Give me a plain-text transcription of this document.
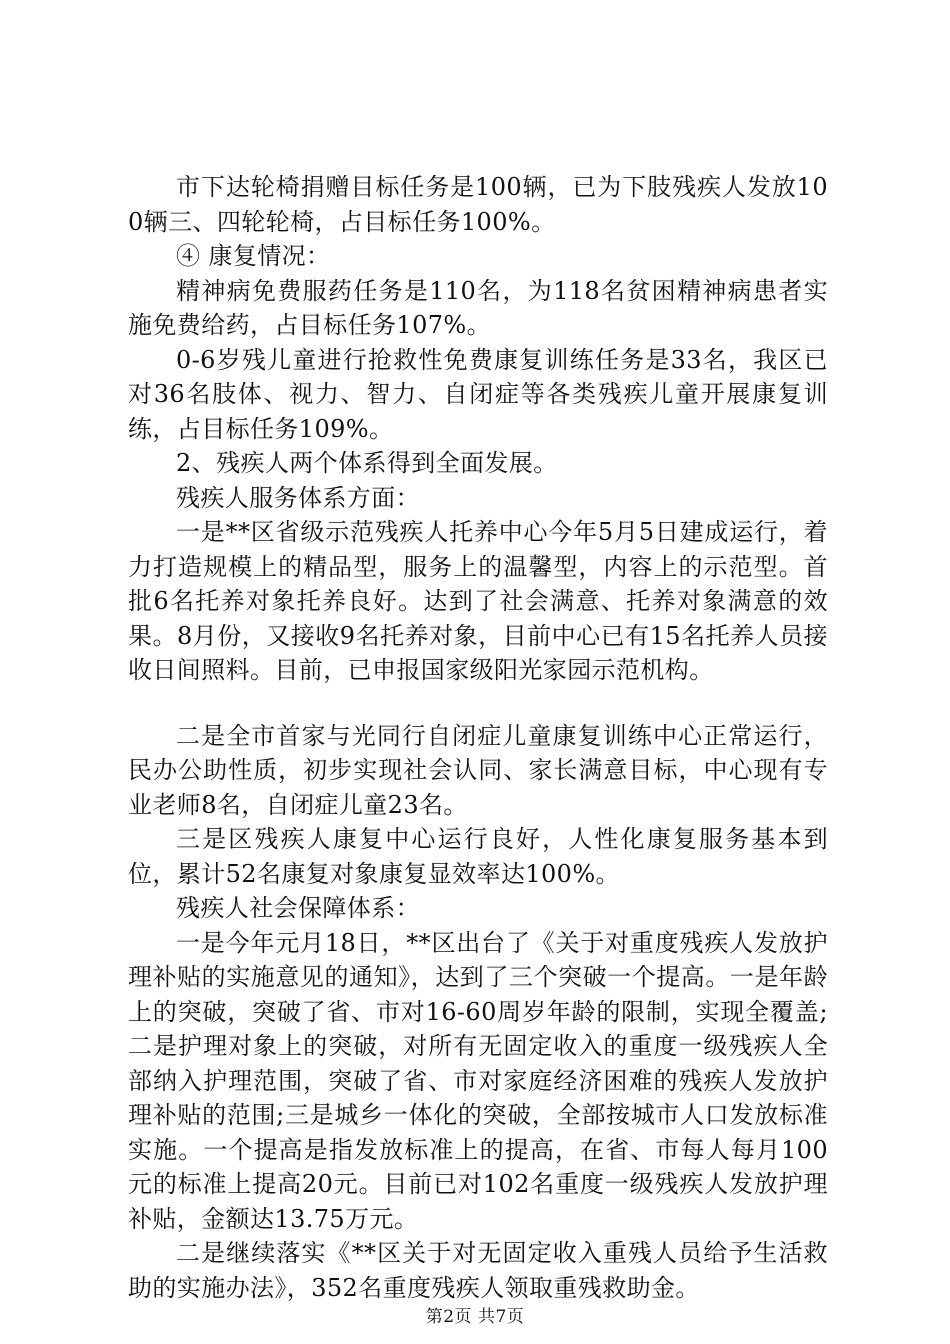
市下达轮椅捐赠目标任务是100辆，已为下肢残疾人发放100辆三、四轮轮椅，占目标任务100%。

④ 康复情况：

精神病免费服药任务是110名，为118名贫困精神病患者实施免费给药，占目标任务107%。

0-6岁残儿童进行抢救性免费康复训练任务是33名，我区已对36名肢体、视力、智力、自闭症等各类残疾儿童开展康复训练，占目标任务109%。

2、残疾人两个体系得到全面发展。

残疾人服务体系方面：

一是**区省级示范残疾人托养中心今年5月5日建成运行，着力打造规模上的精品型，服务上的温馨型，内容上的示范型。首批6名托养对象托养良好。达到了社会满意、托养对象满意的效果。8月份，又接收9名托养对象，目前中心已有15名托养人员接收日间照料。目前，已申报国家级阳光家园示范机构。

二是全市首家与光同行自闭症儿童康复训练中心正常运行，民办公助性质，初步实现社会认同、家长满意目标，中心现有专业老师8名，自闭症儿童23名。

三是区残疾人康复中心运行良好，人性化康复服务基本到位，累计52名康复对象康复显效率达100%。

残疾人社会保障体系：

一是今年元月18日，**区出台了《关于对重度残疾人发放护理补贴的实施意见的通知》，达到了三个突破一个提高。一是年龄上的突破，突破了省、市对16-60周岁年龄的限制，实现全覆盖;二是护理对象上的突破，对所有无固定收入的重度一级残疾人全部纳入护理范围，突破了省、市对家庭经济困难的残疾人发放护理补贴的范围;三是城乡一体化的突破，全部按城市人口发放标准实施。一个提高是指发放标准上的提高，在省、市每人每月100元的标准上提高20元。目前已对102名重度一级残疾人发放护理补贴，金额达13.75万元。

二是继续落实《**区关于对无固定收入重残人员给予生活救助的实施办法》，352名重度残疾人领取重残救助金。

第2页 共7页
